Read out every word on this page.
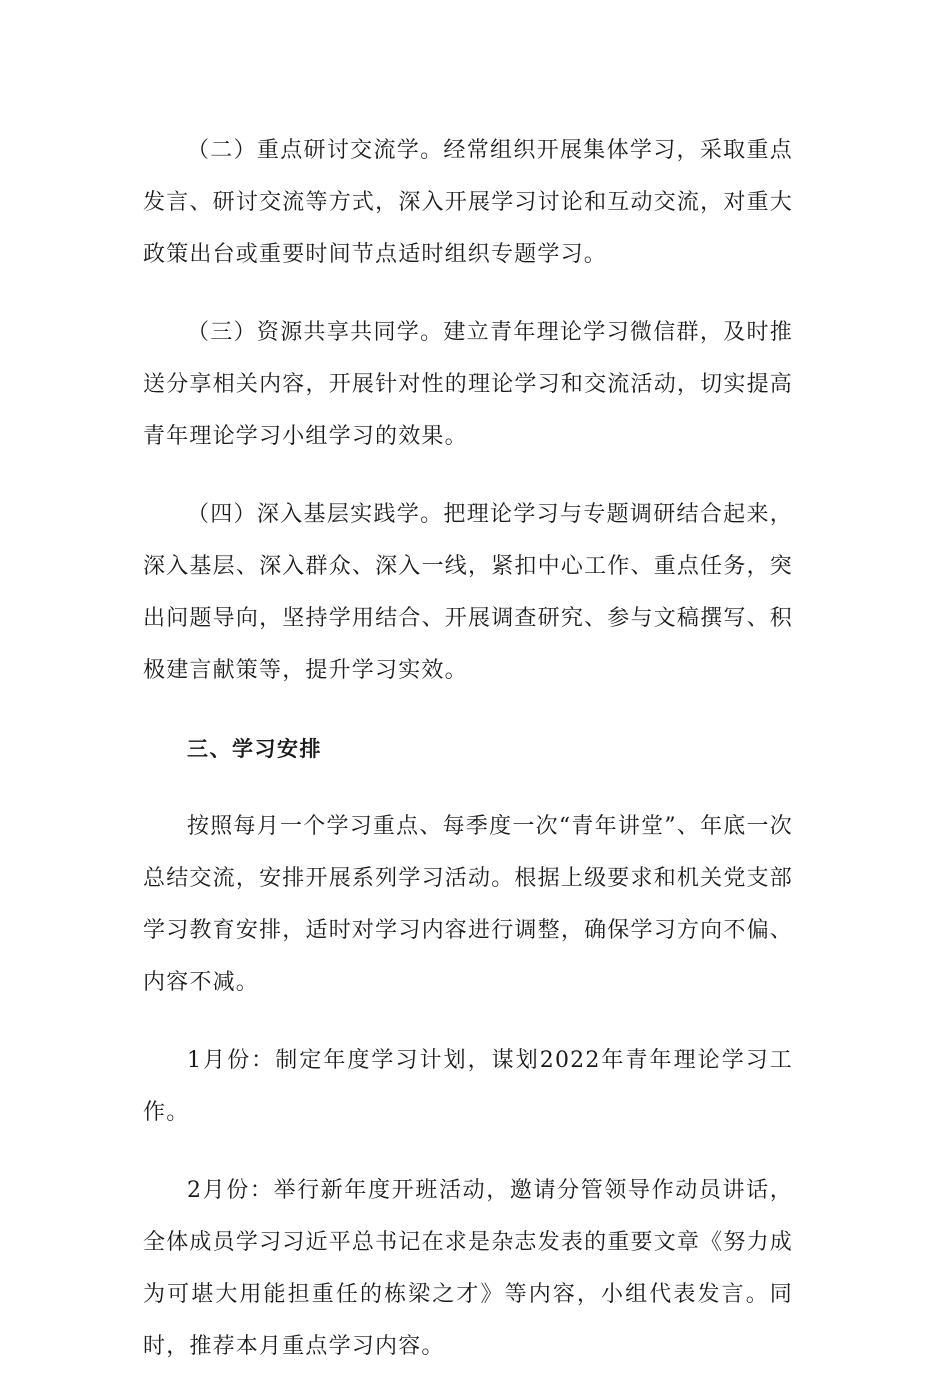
（二）重点研讨交流学。经常组织开展集体学习，采取重点发言、研讨交流等方式，深入开展学习讨论和互动交流，对重大政策出台或重要时间节点适时组织专题学习。

（三）资源共享共同学。建立青年理论学习微信群，及时推送分享相关内容，开展针对性的理论学习和交流活动，切实提高青年理论学习小组学习的效果。

（四）深入基层实践学。把理论学习与专题调研结合起来，深入基层、深入群众、深入一线，紧扣中心工作、重点任务，突出问题导向，坚持学用结合、开展调查研究、参与文稿撰写、积极建言献策等，提升学习实效。

三、学习安排

按照每月一个学习重点、每季度一次“青年讲堂”、年底一次总结交流，安排开展系列学习活动。根据上级要求和机关党支部学习教育安排，适时对学习内容进行调整，确保学习方向不偏、内容不减。

1月份：制定年度学习计划，谋划2022年青年理论学习工作。

2月份：举行新年度开班活动，邀请分管领导作动员讲话，全体成员学习习近平总书记在求是杂志发表的重要文章《努力成为可堪大用能担重任的栋梁之才》等内容，小组代表发言。同时，推荐本月重点学习内容。
